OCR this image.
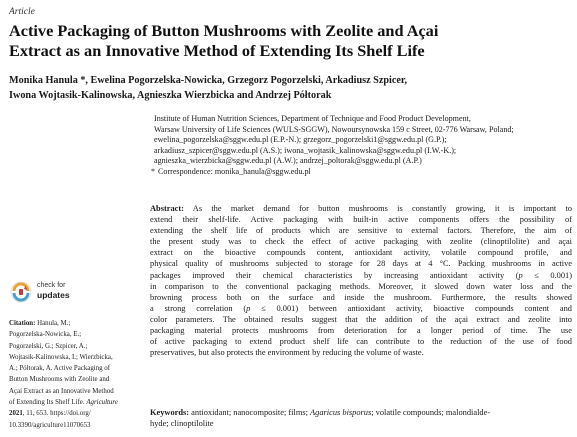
Article
Active Packaging of Button Mushrooms with Zeolite and Açai
Extract as an Innovative Method of Extending Its Shelf Life

Monika Hanula *, Ewelina Pogorzelska-Nowicka, Grzegorz Pogorzelski, Arkadiusz Szpicer,
Iwona Wojtasik-Kalinowska, Agnieszka Wierzbicka and Andrzej Półtorak

Institute of Human Nutrition Sciences, Department of Technique and Food Product Development,
Warsaw University of Life Sciences (WULS-SGGW), Nowoursynowska 159 c Street, 02-776 Warsaw, Poland;
ewelina_pogorzelska@sggw.edu.pl (E.P.-N.); grzegorz_pogorzelski1@sggw.edu.pl (G.P.);
arkadiusz_szpicer@sggw.edu.pl (A.S.); iwona_wojtasik_kalinowska@sggw.edu.pl (I.W.-K.);
agnieszka_wierzbicka@sggw.edu.pl (A.W.); andrzej_poltorak@sggw.edu.pl (A.P.)
* Correspondence: monika_hanula@sggw.edu.pl
Abstract: As the market demand for button mushrooms is constantly growing, it is important to
extend their shelf-life. Active packaging with built-in active components offers the possibility of
extending the shelf life of products which are sensitive to external factors. Therefore, the aim of
the present study was to check the effect of active packaging with zeolite (clinoptilolite) and açai
extract on the bioactive compounds content, antioxidant activity, volatile compound profile, and
physical quality of mushrooms subjected to storage for 28 days at 4 °C. Packing mushrooms in active
packages improved their chemical characteristics by increasing antioxidant activity (p ≤ 0.001)
in comparison to the conventional packaging methods. Moreover, it slowed down water loss and the
browning process both on the surface and inside the mushroom. Furthermore, the results showed
a strong correlation (p ≤ 0.001) between antioxidant activity, bioactive compounds content and
color parameters. The obtained results suggest that the addition of the açai extract and zeolite into
packaging material protects mushrooms from deterioration for a longer period of time. The use
of active packaging to extend product shelf life can contribute to the reduction of the use of food
preservatives, but also protects the environment by reducing the volume of waste.
Keywords: antioxidant; nanocomposite; films; Agaricus bisporus; volatile compounds; malondialde-
hyde; clinoptilolite
check for
updates
Citation: Hanula, M.;
Pogorzelska-Nowicka, E.;
Pogorzelski, G.; Szpicer, A.;
Wojtasik-Kalinowska, I.; Wierzbicka,
A.; Półtorak, A. Active Packaging of
Button Mushrooms with Zeolite and
Açai Extract as an Innovative Method
of Extending Its Shelf Life. Agriculture
2021, 11, 653. https://doi.org/
10.3390/agriculture11070653
